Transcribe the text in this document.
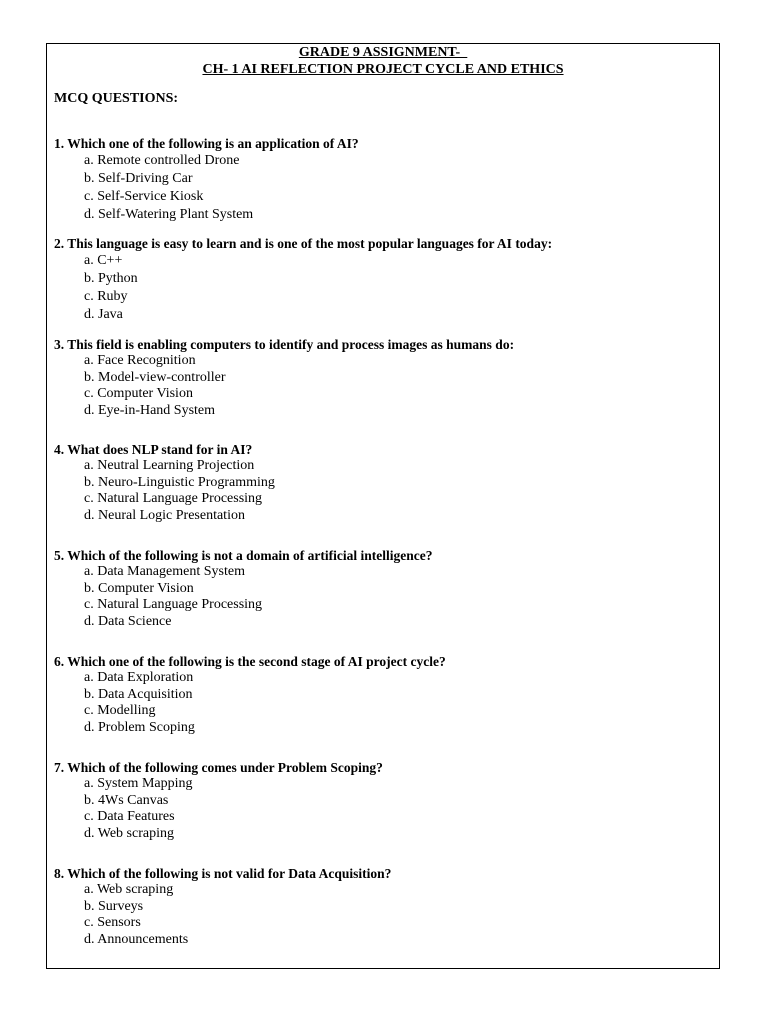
GRADE 9 ASSIGNMENT-_
CH- 1 AI REFLECTION PROJECT CYCLE AND ETHICS
MCQ QUESTIONS:
1. Which one of the following is an application of AI?
a. Remote controlled Drone
b. Self-Driving Car
c. Self-Service Kiosk
d. Self-Watering Plant System
2. This language is easy to learn and is one of the most popular languages for AI today:
a. C++
b. Python
c. Ruby
d. Java
3. This field is enabling computers to identify and process images as humans do:
a. Face Recognition
b. Model-view-controller
c. Computer Vision
d. Eye-in-Hand System
4. What does NLP stand for in AI?
a. Neutral Learning Projection
b. Neuro-Linguistic Programming
c. Natural Language Processing
d. Neural Logic Presentation
5. Which of the following is not a domain of artificial intelligence?
a. Data Management System
b. Computer Vision
c. Natural Language Processing
d. Data Science
6. Which one of the following is the second stage of AI project cycle?
a. Data Exploration
b. Data Acquisition
c. Modelling
d. Problem Scoping
7. Which of the following comes under Problem Scoping?
a. System Mapping
b. 4Ws Canvas
c. Data Features
d. Web scraping
8. Which of the following is not valid for Data Acquisition?
a. Web scraping
b. Surveys
c. Sensors
d. Announcements
